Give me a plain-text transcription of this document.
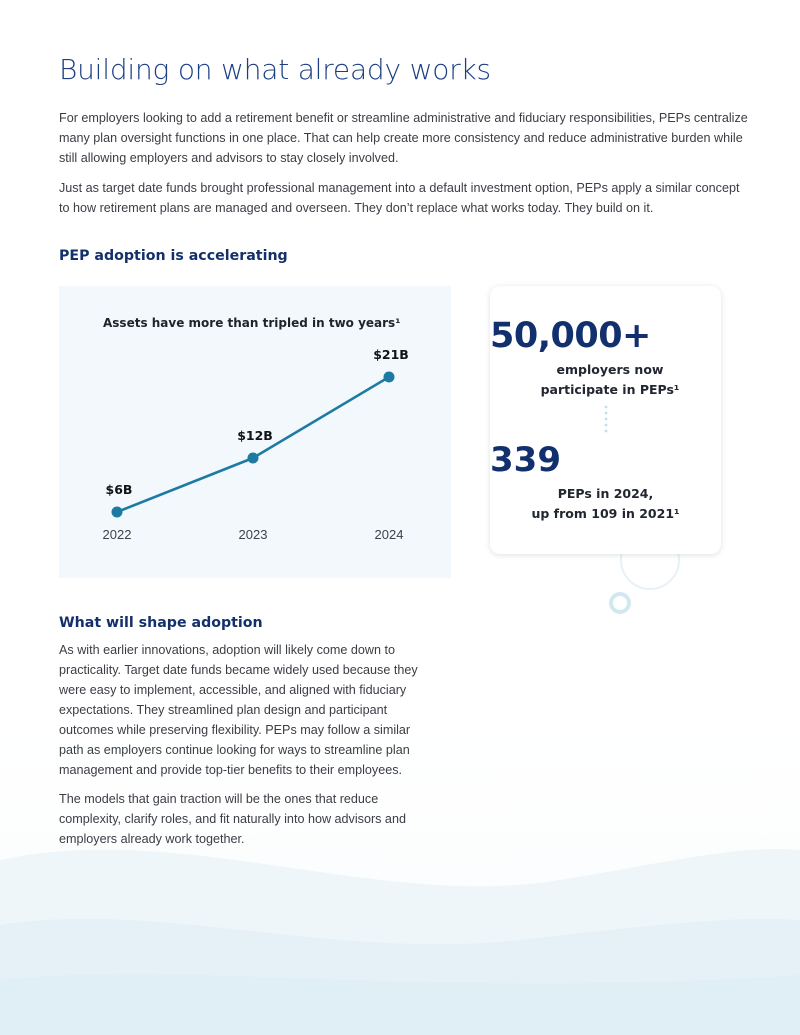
Building on what already works

For employers looking to add a retirement benefit or streamline administrative and fiduciary responsibilities, PEPs centralize many plan oversight functions in one place. That can help create more consistency and reduce administrative burden while still allowing employers and advisors to stay closely involved.

Just as target date funds brought professional management into a default investment option, PEPs apply a similar concept to how retirement plans are managed and overseen. They don’t replace what works today. They build on it.

PEP adoption is accelerating
Assets have more than tripled in two years¹
$6B
2022
$12B
2023
$21B
2024
50,000+
employers now
participate in PEPs¹
339
PEPs in 2024,
up from 109 in 2021¹
What will shape adoption

As with earlier innovations, adoption will likely come down to practicality. Target date funds became widely used because they were easy to implement, accessible, and aligned with fiduciary expectations. They streamlined plan design and participant outcomes while preserving flexibility. PEPs may follow a similar path as employers continue looking for ways to streamline plan management and provide top-tier benefits to their employees.

The models that gain traction will be the ones that reduce complexity, clarify roles, and fit naturally into how advisors and employers already work together.
